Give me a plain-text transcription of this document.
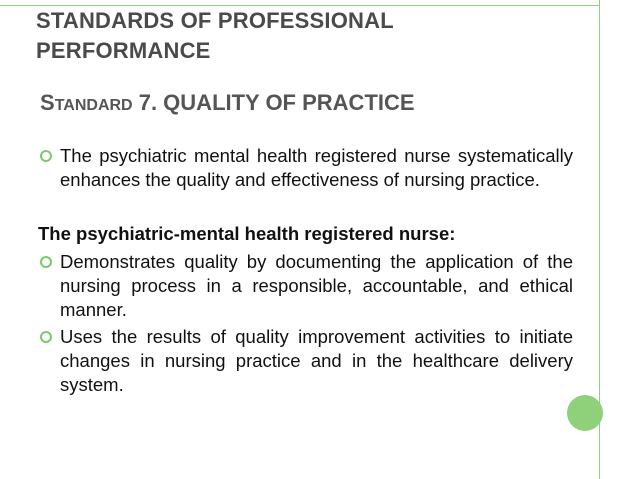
STANDARDS OF PROFESSIONAL
PERFORMANCE
STANDARD 7. QUALITY OF PRACTICE
The psychiatric mental health registered nurse systematically enhances the quality and effectiveness of nursing practice.
The psychiatric-mental health registered nurse:
Demonstrates quality by documenting the application of the nursing process in a responsible, accountable, and ethical manner.
Uses the results of quality improvement activities to initiate changes in nursing practice and in the healthcare delivery system.
